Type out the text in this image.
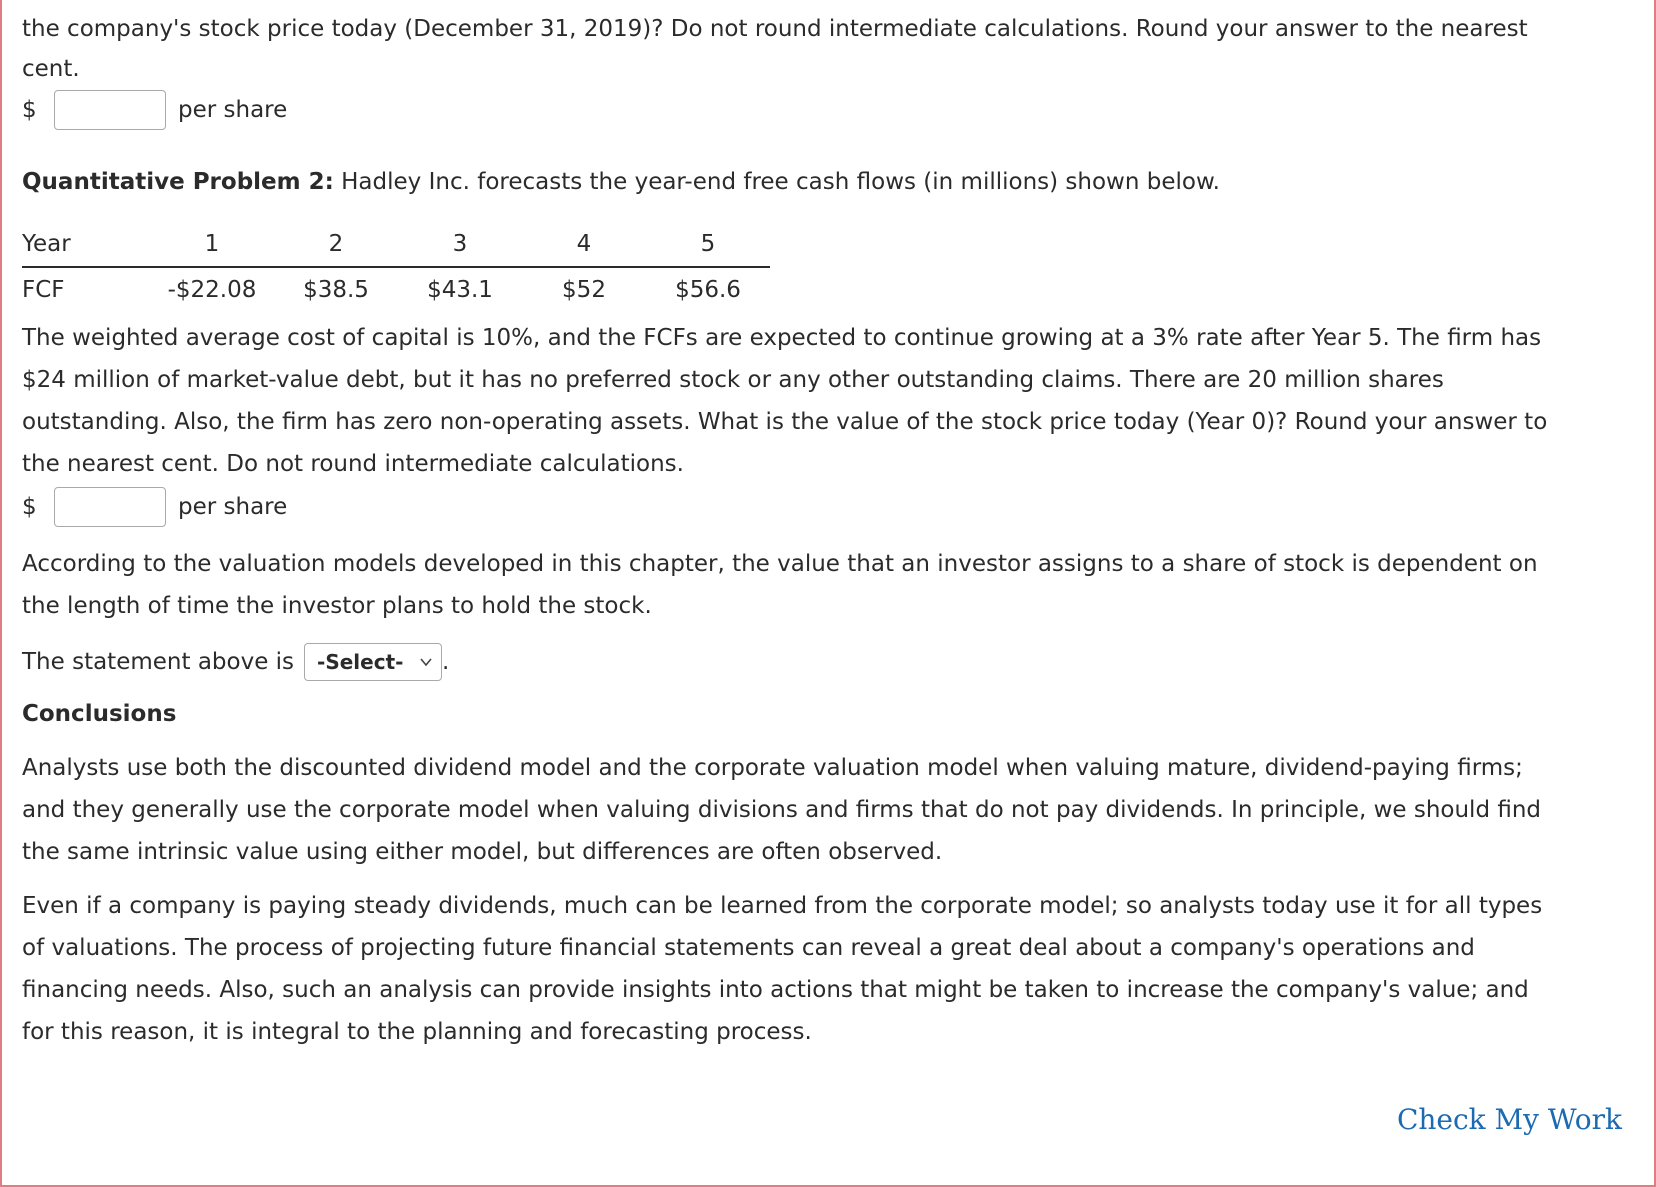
the company's stock price today (December 31, 2019)? Do not round intermediate calculations. Round your answer to the nearest
cent.
$	per share
Quantitative Problem 2: Hadley Inc. forecasts the year-end free cash flows (in millions) shown below.
Year	1	2	3	4	5
FCF	-$22.08	$38.5	$43.1	$52	$56.6
The weighted average cost of capital is 10%, and the FCFs are expected to continue growing at a 3% rate after Year 5. The firm has
$24 million of market-value debt, but it has no preferred stock or any other outstanding claims. There are 20 million shares
outstanding. Also, the firm has zero non-operating assets. What is the value of the stock price today (Year 0)? Round your answer to
the nearest cent. Do not round intermediate calculations.
$	per share
According to the valuation models developed in this chapter, the value that an investor assigns to a share of stock is dependent on
the length of time the investor plans to hold the stock.
The statement above is -Select- .
Conclusions
Analysts use both the discounted dividend model and the corporate valuation model when valuing mature, dividend-paying firms;
and they generally use the corporate model when valuing divisions and firms that do not pay dividends. In principle, we should find
the same intrinsic value using either model, but differences are often observed.
Even if a company is paying steady dividends, much can be learned from the corporate model; so analysts today use it for all types
of valuations. The process of projecting future financial statements can reveal a great deal about a company's operations and
financing needs. Also, such an analysis can provide insights into actions that might be taken to increase the company's value; and
for this reason, it is integral to the planning and forecasting process.
Check My Work
